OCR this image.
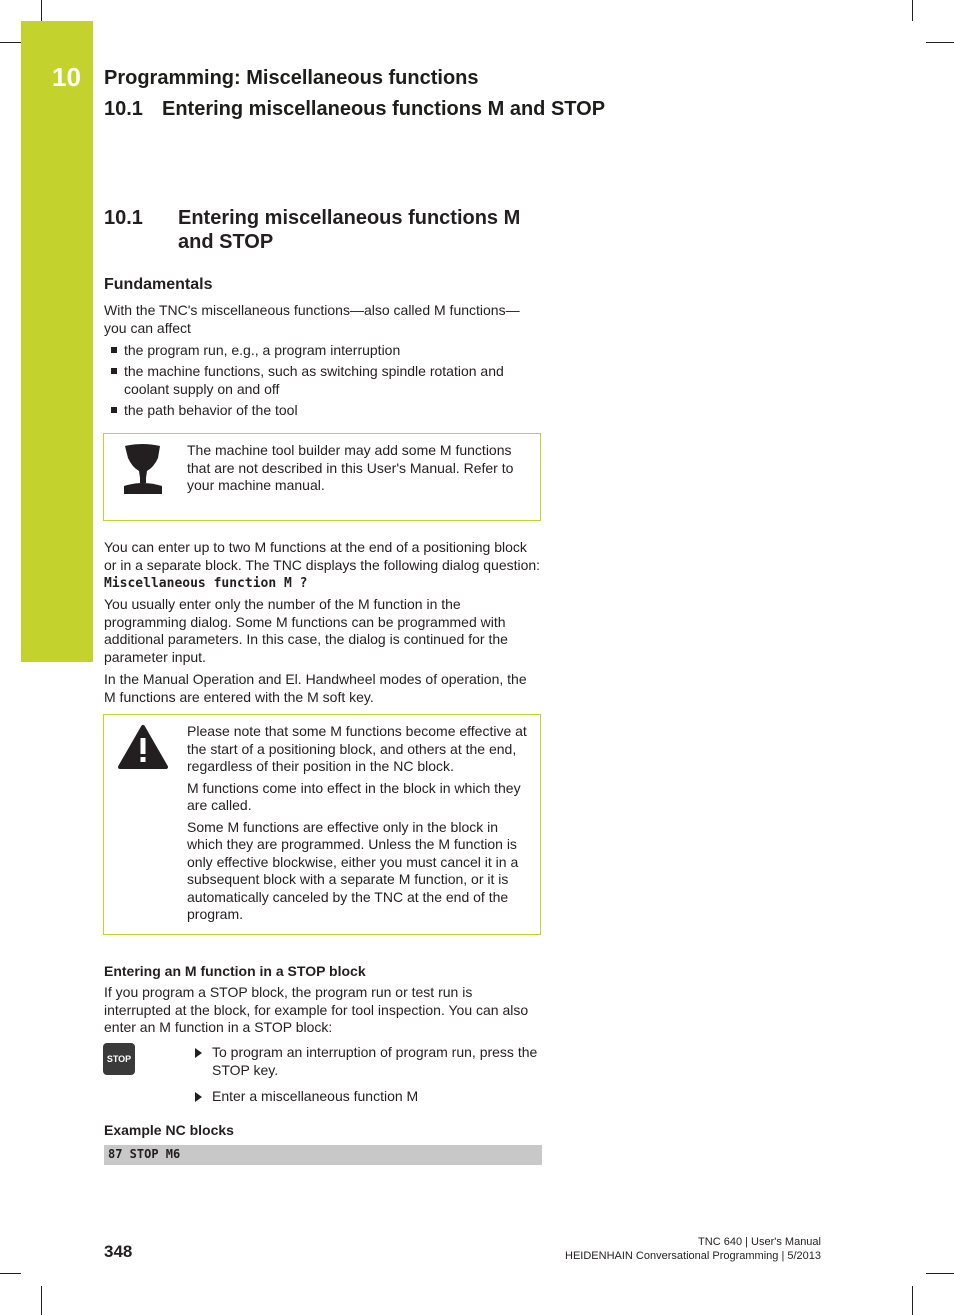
10 Programming: Miscellaneous functions
10.1 Entering miscellaneous functions M and STOP
10.1 Entering miscellaneous functions M and STOP
Fundamentals
With the TNC's miscellaneous functions—also called M functions—you can affect
the program run, e.g., a program interruption
the machine functions, such as switching spindle rotation and coolant supply on and off
the path behavior of the tool
The machine tool builder may add some M functions that are not described in this User's Manual. Refer to your machine manual.
You can enter up to two M functions at the end of a positioning block or in a separate block. The TNC displays the following dialog question: Miscellaneous function M ?
You usually enter only the number of the M function in the programming dialog. Some M functions can be programmed with additional parameters. In this case, the dialog is continued for the parameter input.
In the Manual Operation and El. Handwheel modes of operation, the M functions are entered with the M soft key.
Please note that some M functions become effective at the start of a positioning block, and others at the end, regardless of their position in the NC block.
M functions come into effect in the block in which they are called.
Some M functions are effective only in the block in which they are programmed. Unless the M function is only effective blockwise, either you must cancel it in a subsequent block with a separate M function, or it is automatically canceled by the TNC at the end of the program.
Entering an M function in a STOP block
If you program a STOP block, the program run or test run is interrupted at the block, for example for tool inspection. You can also enter an M function in a STOP block:
STOP	To program an interruption of program run, press the STOP key.
Enter a miscellaneous function M
Example NC blocks
87 STOP M6
348	TNC 640 | User's Manual
HEIDENHAIN Conversational Programming | 5/2013
